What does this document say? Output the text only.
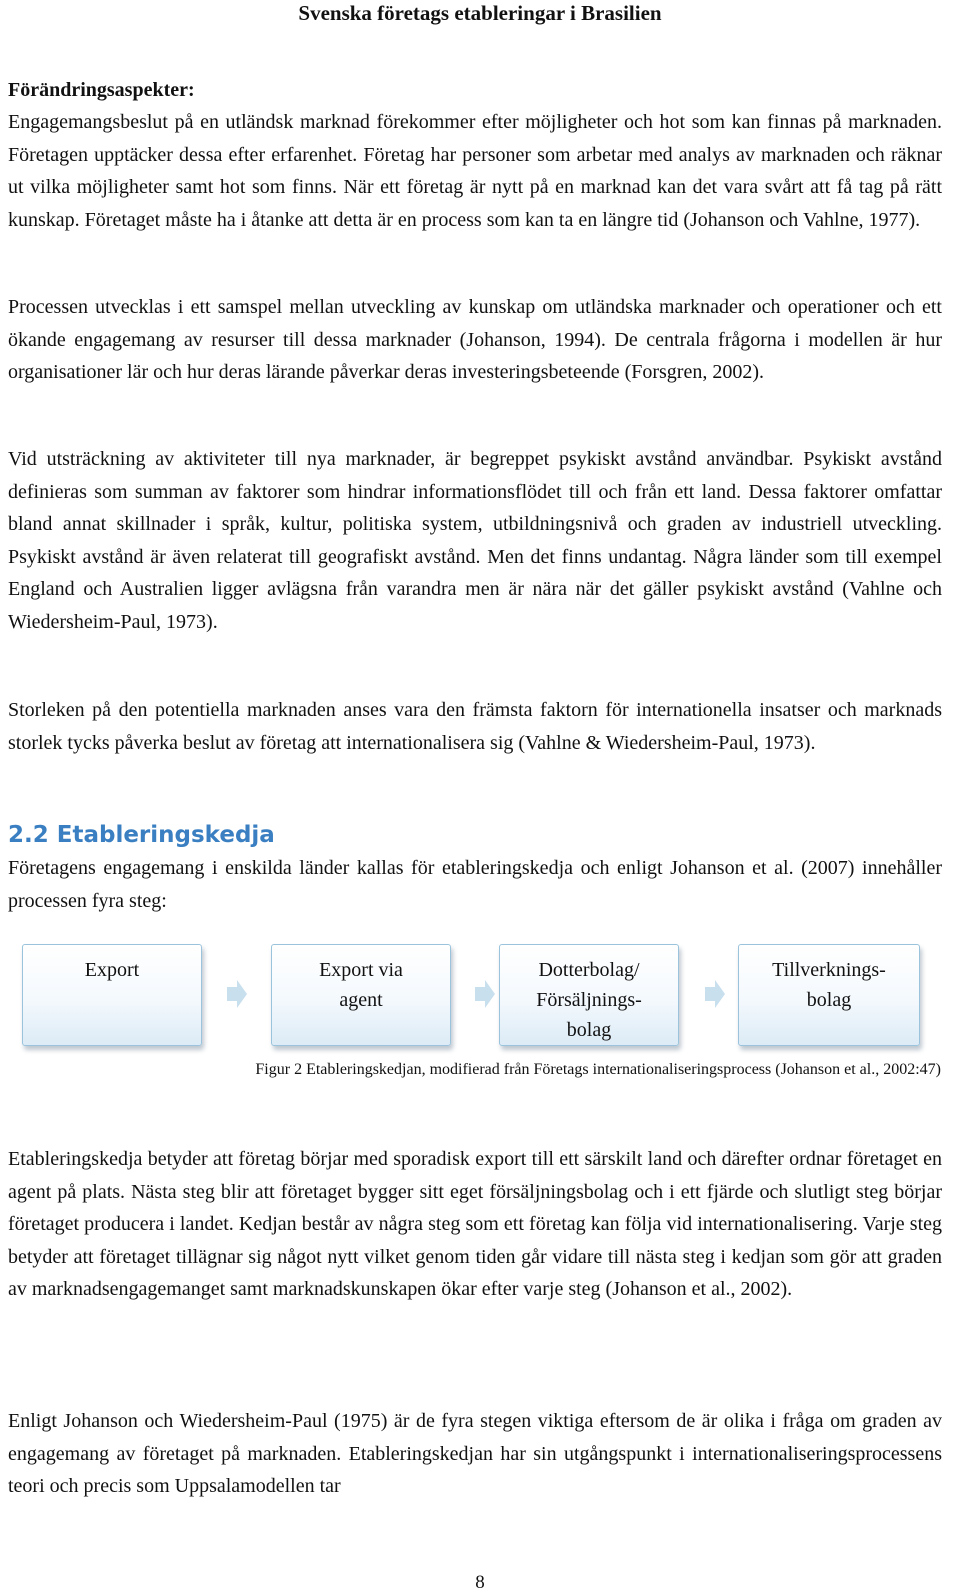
Svenska företags etableringar i Brasilien
Förändringsaspekter:

Engagemangsbeslut på en utländsk marknad förekommer efter möjligheter och hot som kan finnas på marknaden. Företagen upptäcker dessa efter erfarenhet. Företag har personer som arbetar med analys av marknaden och räknar ut vilka möjligheter samt hot som finns. När ett företag är nytt på en marknad kan det vara svårt att få tag på rätt kunskap. Företaget måste ha i åtanke att detta är en process som kan ta en längre tid (Johanson och Vahlne, 1977).

Processen utvecklas i ett samspel mellan utveckling av kunskap om utländska marknader och operationer och ett ökande engagemang av resurser till dessa marknader (Johanson, 1994). De centrala frågorna i modellen är hur organisationer lär och hur deras lärande påverkar deras investeringsbeteende (Forsgren, 2002).

Vid utsträckning av aktiviteter till nya marknader, är begreppet psykiskt avstånd användbar. Psykiskt avstånd definieras som summan av faktorer som hindrar informationsflödet till och från ett land. Dessa faktorer omfattar bland annat skillnader i språk, kultur, politiska system, utbildningsnivå och graden av industriell utveckling. Psykiskt avstånd är även relaterat till geografiskt avstånd. Men det finns undantag. Några länder som till exempel England och Australien ligger avlägsna från varandra men är nära när det gäller psykiskt avstånd (Vahlne och Wiedersheim-Paul, 1973).

Storleken på den potentiella marknaden anses vara den främsta faktorn för internationella insatser och marknads storlek tycks påverka beslut av företag att internationalisera sig (Vahlne & Wiedersheim-Paul, 1973).

2.2 Etableringskedja

Företagens engagemang i enskilda länder kallas för etableringskedja och enligt Johanson et al. (2007) innehåller processen fyra steg:

Export	Export via
agent
Dotterbolag/
Försäljnings-
bolag
Tillverknings-
bolag
Figur 2 Etableringskedjan, modifierad från Företags internationaliseringsprocess (Johanson et al., 2002:47)

Etableringskedja betyder att företag börjar med sporadisk export till ett särskilt land och därefter ordnar företaget en agent på plats. Nästa steg blir att företaget bygger sitt eget försäljningsbolag och i ett fjärde och slutligt steg börjar företaget producera i landet. Kedjan består av några steg som ett företag kan följa vid internationalisering. Varje steg betyder att företaget tillägnar sig något nytt vilket genom tiden går vidare till nästa steg i kedjan som gör att graden av marknadsengagemanget samt marknadskunskapen ökar efter varje steg (Johanson et al., 2002).

Enligt Johanson och Wiedersheim-Paul (1975) är de fyra stegen viktiga eftersom de är olika i fråga om graden av engagemang av företaget på marknaden. Etableringskedjan har sin utgångspunkt i internationaliseringsprocessens teori och precis som Uppsalamodellen tar

8
